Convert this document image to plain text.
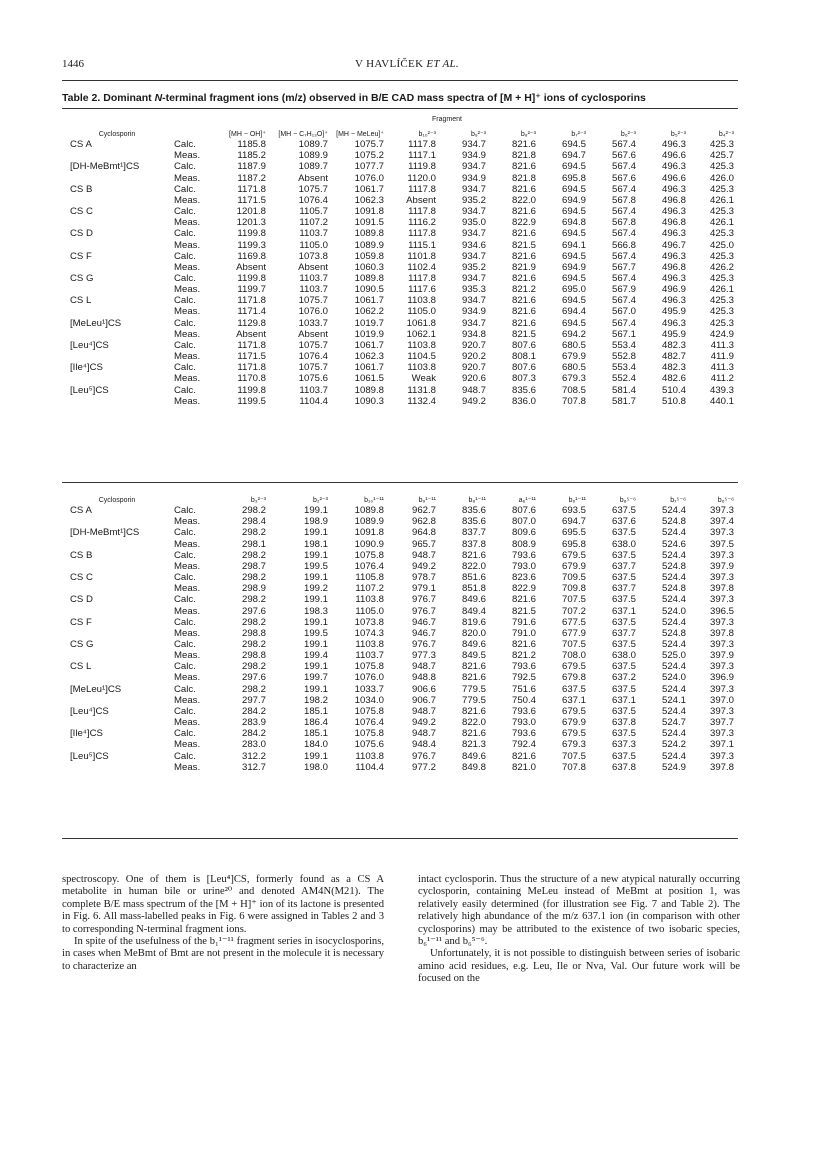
1446	V HAVLÍČEK ET AL.
Table 2. Dominant N-terminal fragment ions (m/z) observed in B/E CAD mass spectra of [M + H]⁺ ions of cyclosporins
Fragment
Cyclosporin		[MH − OH]⁺	[MH − C₇H₁₃O]⁺	[MH − MeLeu]⁺	b₁₀²⁻³	b₉²⁻³	b₈²⁻³	b₇²⁻³	b₆²⁻³	b₅²⁻³	b₄²⁻³
CS A	Calc.	1185.8	1089.7	1075.7	1117.8	934.7	821.6	694.5	567.4	496.3	425.3
	Meas.	1185.2	1089.9	1075.2	1117.1	934.9	821.8	694.7	567.6	496.6	425.7
[DH-MeBmt¹]CS	Calc.	1187.9	1089.7	1077.7	1119.8	934.7	821.6	694.5	567.4	496.3	425.3
	Meas.	1187.2	Absent	1076.0	1120.0	934.9	821.8	695.8	567.6	496.6	426.0
CS B	Calc.	1171.8	1075.7	1061.7	1117.8	934.7	821.6	694.5	567.4	496.3	425.3
	Meas.	1171.5	1076.4	1062.3	Absent	935.2	822.0	694.9	567.8	496.8	426.1
CS C	Calc.	1201.8	1105.7	1091.8	1117.8	934.7	821.6	694.5	567.4	496.3	425.3
	Meas.	1201.3	1107.2	1091.5	1116.2	935.0	822.9	694.8	567.8	496.8	426.1
CS D	Calc.	1199.8	1103.7	1089.8	1117.8	934.7	821.6	694.5	567.4	496.3	425.3
	Meas.	1199.3	1105.0	1089.9	1115.1	934.6	821.5	694.1	566.8	496.7	425.0
CS F	Calc.	1169.8	1073.8	1059.8	1101.8	934.7	821.6	694.5	567.4	496.3	425.3
	Meas.	Absent	Absent	1060.3	1102.4	935.2	821.9	694.9	567.7	496.8	426.2
CS G	Calc.	1199.8	1103.7	1089.8	1117.8	934.7	821.6	694.5	567.4	496.3	425.3
	Meas.	1199.7	1103.7	1090.5	1117.6	935.3	821.2	695.0	567.9	496.9	426.1
CS L	Calc.	1171.8	1075.7	1061.7	1103.8	934.7	821.6	694.5	567.4	496.3	425.3
	Meas.	1171.4	1076.0	1062.2	1105.0	934.9	821.6	694.4	567.0	495.9	425.3
[MeLeu¹]CS	Calc.	1129.8	1033.7	1019.7	1061.8	934.7	821.6	694.5	567.4	496.3	425.3
	Meas.	Absent	Absent	1019.9	1062.1	934.8	821.5	694.2	567.1	495.9	424.9
[Leu⁴]CS	Calc.	1171.8	1075.7	1061.7	1103.8	920.7	807.6	680.5	553.4	482.3	411.3
	Meas.	1171.5	1076.4	1062.3	1104.5	920.2	808.1	679.9	552.8	482.7	411.9
[Ile⁴]CS	Calc.	1171.8	1075.7	1061.7	1103.8	920.7	807.6	680.5	553.4	482.3	411.3
	Meas.	1170.8	1075.6	1061.5	Weak	920.6	807.3	679.3	552.4	482.6	411.2
[Leu⁵]CS	Calc.	1199.8	1103.7	1089.8	1131.8	948.7	835.6	708.5	581.4	510.4	439.3
	Meas.	1199.5	1104.4	1090.3	1132.4	949.2	836.0	707.8	581.7	510.8	440.1
Cyclosporin		b₃²⁻³	b₂²⁻³	b₁₀¹⁻¹¹	b₉¹⁻¹¹	b₈¹⁻¹¹	a₆¹⁻¹¹	b₆¹⁻¹¹	b₈⁵⁻⁶	b₇⁵⁻⁶	b₆⁵⁻⁶
CS A	Calc.	298.2	199.1	1089.8	962.7	835.6	807.6	693.5	637.5	524.4	397.3
	Meas.	298.4	198.9	1089.9	962.8	835.6	807.0	694.7	637.6	524.8	397.4
[DH-MeBmt¹]CS	Calc.	298.2	199.1	1091.8	964.8	837.7	809.6	695.5	637.5	524.4	397.3
	Meas.	298.1	198.1	1090.9	965.7	837.8	808.9	695.8	638.0	524.6	397.5
CS B	Calc.	298.2	199.1	1075.8	948.7	821.6	793.6	679.5	637.5	524.4	397.3
	Meas.	298.7	199.5	1076.4	949.2	822.0	793.0	679.9	637.7	524.8	397.9
CS C	Calc.	298.2	199.1	1105.8	978.7	851.6	823.6	709.5	637.5	524.4	397.3
	Meas.	298.9	199.2	1107.2	979.1	851.8	822.9	709.8	637.7	524.8	397.8
CS D	Calc.	298.2	199.1	1103.8	976.7	849.6	821.6	707.5	637.5	524.4	397.3
	Meas.	297.6	198.3	1105.0	976.7	849.4	821.5	707.2	637.1	524.0	396.5
CS F	Calc.	298.2	199.1	1073.8	946.7	819.6	791.6	677.5	637.5	524.4	397.3
	Meas.	298.8	199.5	1074.3	946.7	820.0	791.0	677.9	637.7	524.8	397.8
CS G	Calc.	298.2	199.1	1103.8	976.7	849.6	821.6	707.5	637.5	524.4	397.3
	Meas.	298.8	199.4	1103.7	977.3	849.5	821.2	708.0	638.0	525.0	397.9
CS L	Calc.	298.2	199.1	1075.8	948.7	821.6	793.6	679.5	637.5	524.4	397.3
	Meas.	297.6	199.7	1076.0	948.8	821.6	792.5	679.8	637.2	524.0	396.9
[MeLeu¹]CS	Calc.	298.2	199.1	1033.7	906.6	779.5	751.6	637.5	637.5	524.4	397.3
	Meas.	297.7	198.2	1034.0	906.7	779.5	750.4	637.1	637.1	524.1	397.0
[Leu⁴]CS	Calc.	284.2	185.1	1075.8	948.7	821.6	793.6	679.5	637.5	524.4	397.3
	Meas.	283.9	186.4	1076.4	949.2	822.0	793.0	679.9	637.8	524.7	397.7
[Ile⁴]CS	Calc.	284.2	185.1	1075.8	948.7	821.6	793.6	679.5	637.5	524.4	397.3
	Meas.	283.0	184.0	1075.6	948.4	821.3	792.4	679.3	637.3	524.2	397.1
[Leu⁵]CS	Calc.	312.2	199.1	1103.8	976.7	849.6	821.6	707.5	637.5	524.4	397.3
	Meas.	312.7	198.0	1104.4	977.2	849.8	821.0	707.8	637.8	524.9	397.8

spectroscopy. One of them is [Leu⁴]CS, formerly found as a CS A metabolite in human bile or urine²⁰ and denoted AM4N(M21). The complete B/E mass spectrum of the [M + H]⁺ ion of its lactone is presented in Fig. 6. All mass-labelled peaks in Fig. 6 were assigned in Tables 2 and 3 to corresponding N-terminal fragment ions.

In spite of the usefulness of the b₁¹⁻¹¹ fragment series in isocyclosporins, in cases when MeBmt of Bmt are not present in the molecule it is necessary to characterize an

intact cyclosporin. Thus the structure of a new atypical naturally occurring cyclosporin, containing MeLeu instead of MeBmt at position 1, was relatively easily determined (for illustration see Fig. 7 and Table 2). The relatively high abundance of the m/z 637.1 ion (in comparison with other cyclosporins) may be attributed to the existence of two isobaric species, b₆¹⁻¹¹ and b₆⁵⁻⁶.

Unfortunately, it is not possible to distinguish between series of isobaric amino acid residues, e.g. Leu, Ile or Nva, Val. Our future work will be focused on the
